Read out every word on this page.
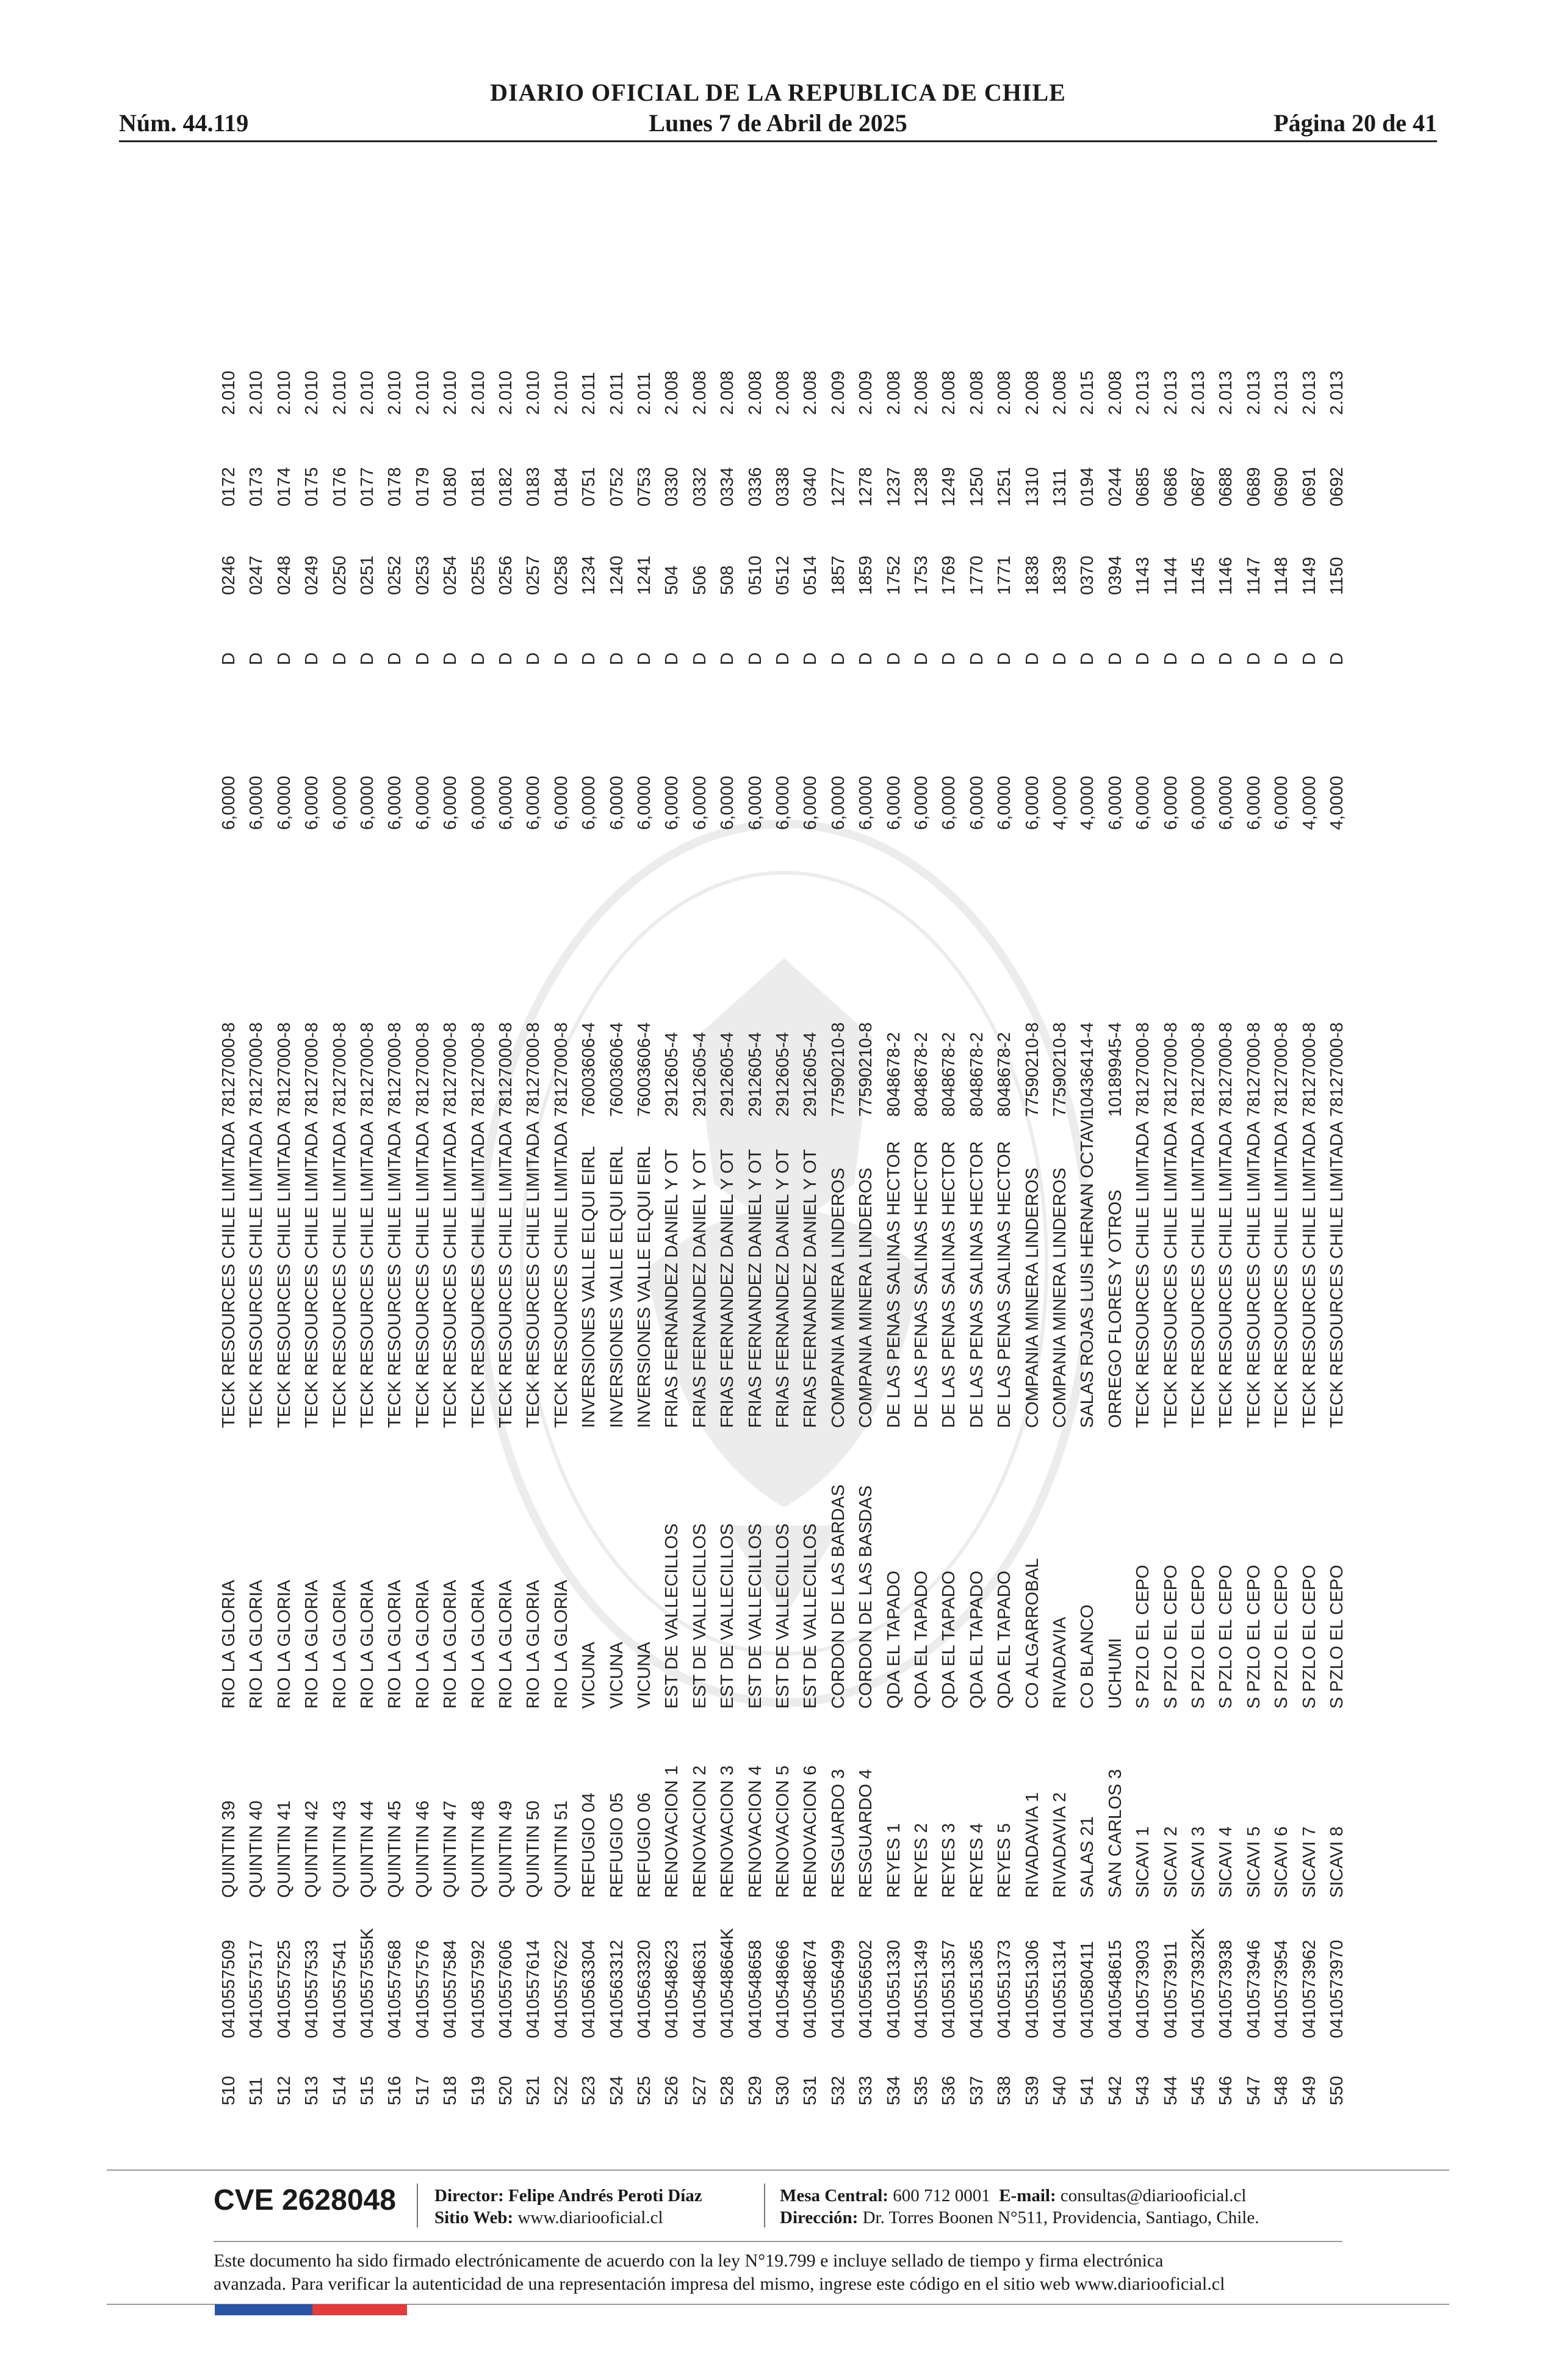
DIARIO OFICIAL DE LA REPUBLICA DE CHILE
Lunes 7 de Abril de 2025
Núm. 44.119	Página 20 de 41
510
0410557509
QUINTIN 39
RIO LA GLORIA
TECK RESOURCES CHILE LIMITADA
78127000-8
6,0000
D
0246
0172
2.010
511
0410557517
QUINTIN 40
RIO LA GLORIA
TECK RESOURCES CHILE LIMITADA
78127000-8
6,0000
D
0247
0173
2.010
512
0410557525
QUINTIN 41
RIO LA GLORIA
TECK RESOURCES CHILE LIMITADA
78127000-8
6,0000
D
0248
0174
2.010
513
0410557533
QUINTIN 42
RIO LA GLORIA
TECK RESOURCES CHILE LIMITADA
78127000-8
6,0000
D
0249
0175
2.010
514
0410557541
QUINTIN 43
RIO LA GLORIA
TECK RESOURCES CHILE LIMITADA
78127000-8
6,0000
D
0250
0176
2.010
515
0410557555K
QUINTIN 44
RIO LA GLORIA
TECK RESOURCES CHILE LIMITADA
78127000-8
6,0000
D
0251
0177
2.010
516
0410557568
QUINTIN 45
RIO LA GLORIA
TECK RESOURCES CHILE LIMITADA
78127000-8
6,0000
D
0252
0178
2.010
517
0410557576
QUINTIN 46
RIO LA GLORIA
TECK RESOURCES CHILE LIMITADA
78127000-8
6,0000
D
0253
0179
2.010
518
0410557584
QUINTIN 47
RIO LA GLORIA
TECK RESOURCES CHILE LIMITADA
78127000-8
6,0000
D
0254
0180
2.010
519
0410557592
QUINTIN 48
RIO LA GLORIA
TECK RESOURCES CHILE LIMITADA
78127000-8
6,0000
D
0255
0181
2.010
520
0410557606
QUINTIN 49
RIO LA GLORIA
TECK RESOURCES CHILE LIMITADA
78127000-8
6,0000
D
0256
0182
2.010
521
0410557614
QUINTIN 50
RIO LA GLORIA
TECK RESOURCES CHILE LIMITADA
78127000-8
6,0000
D
0257
0183
2.010
522
0410557622
QUINTIN 51
RIO LA GLORIA
TECK RESOURCES CHILE LIMITADA
78127000-8
6,0000
D
0258
0184
2.010
523
0410563304
REFUGIO 04
VICUNA
INVERSIONES VALLE ELQUI EIRL
76003606-4
6,0000
D
1234
0751
2.011
524
0410563312
REFUGIO 05
VICUNA
INVERSIONES VALLE ELQUI EIRL
76003606-4
6,0000
D
1240
0752
2.011
525
0410563320
REFUGIO 06
VICUNA
INVERSIONES VALLE ELQUI EIRL
76003606-4
6,0000
D
1241
0753
2.011
526
0410548623
RENOVACION 1
EST DE VALLECILLOS
FRIAS FERNANDEZ DANIEL Y OT
2912605-4
6,0000
D
504
0330
2.008
527
0410548631
RENOVACION 2
EST DE VALLECILLOS
FRIAS FERNANDEZ DANIEL Y OT
2912605-4
6,0000
D
506
0332
2.008
528
0410548664K
RENOVACION 3
EST DE VALLECILLOS
FRIAS FERNANDEZ DANIEL Y OT
2912605-4
6,0000
D
508
0334
2.008
529
0410548658
RENOVACION 4
EST DE VALLECILLOS
FRIAS FERNANDEZ DANIEL Y OT
2912605-4
6,0000
D
0510
0336
2.008
530
0410548666
RENOVACION 5
EST DE VALLECILLOS
FRIAS FERNANDEZ DANIEL Y OT
2912605-4
6,0000
D
0512
0338
2.008
531
0410548674
RENOVACION 6
EST DE VALLECILLOS
FRIAS FERNANDEZ DANIEL Y OT
2912605-4
6,0000
D
0514
0340
2.008
532
0410556499
RESGUARDO 3
CORDON DE LAS BARDAS
COMPANIA MINERA LINDEROS
77590210-8
6,0000
D
1857
1277
2.009
533
0410556502
RESGUARDO 4
CORDON DE LAS BASDAS
COMPANIA MINERA LINDEROS
77590210-8
6,0000
D
1859
1278
2.009
534
0410551330
REYES 1
QDA EL TAPADO
DE LAS PENAS SALINAS HECTOR
8048678-2
6,0000
D
1752
1237
2.008
535
0410551349
REYES 2
QDA EL TAPADO
DE LAS PENAS SALINAS HECTOR
8048678-2
6,0000
D
1753
1238
2.008
536
0410551357
REYES 3
QDA EL TAPADO
DE LAS PENAS SALINAS HECTOR
8048678-2
6,0000
D
1769
1249
2.008
537
0410551365
REYES 4
QDA EL TAPADO
DE LAS PENAS SALINAS HECTOR
8048678-2
6,0000
D
1770
1250
2.008
538
0410551373
REYES 5
QDA EL TAPADO
DE LAS PENAS SALINAS HECTOR
8048678-2
6,0000
D
1771
1251
2.008
539
0410551306
RIVADAVIA 1
CO ALGARROBAL
COMPANIA MINERA LINDEROS
77590210-8
6,0000
D
1838
1310
2.008
540
0410551314
RIVADAVIA 2
RIVADAVIA
COMPANIA MINERA LINDEROS
77590210-8
4,0000
D
1839
1311
2.008
541
0410580411
SALAS 21
CO BLANCO
SALAS ROJAS LUIS HERNAN OCTAVI
10436414-4
4,0000
D
0370
0194
2.015
542
0410548615
SAN CARLOS 3
UCHUMI
ORREGO FLORES Y OTROS
10189945-4
6,0000
D
0394
0244
2.008
543
0410573903
SICAVI 1
S PZLO EL CEPO
TECK RESOURCES CHILE LIMITADA
78127000-8
6,0000
D
1143
0685
2.013
544
0410573911
SICAVI 2
S PZLO EL CEPO
TECK RESOURCES CHILE LIMITADA
78127000-8
6,0000
D
1144
0686
2.013
545
0410573932K
SICAVI 3
S PZLO EL CEPO
TECK RESOURCES CHILE LIMITADA
78127000-8
6,0000
D
1145
0687
2.013
546
0410573938
SICAVI 4
S PZLO EL CEPO
TECK RESOURCES CHILE LIMITADA
78127000-8
6,0000
D
1146
0688
2.013
547
0410573946
SICAVI 5
S PZLO EL CEPO
TECK RESOURCES CHILE LIMITADA
78127000-8
6,0000
D
1147
0689
2.013
548
0410573954
SICAVI 6
S PZLO EL CEPO
TECK RESOURCES CHILE LIMITADA
78127000-8
6,0000
D
1148
0690
2.013
549
0410573962
SICAVI 7
S PZLO EL CEPO
TECK RESOURCES CHILE LIMITADA
78127000-8
4,0000
D
1149
0691
2.013
550
0410573970
SICAVI 8
S PZLO EL CEPO
TECK RESOURCES CHILE LIMITADA
78127000-8
4,0000
D
1150
0692
2.013
CVE 2628048 Director: Felipe Andrés Peroti Díaz
Sitio Web: www.diariooficial.cl
Mesa Central: 600 712 0001 E-mail: consultas@diariooficial.cl
Dirección: Dr. Torres Boonen N°511, Providencia, Santiago, Chile.
Este documento ha sido firmado electrónicamente de acuerdo con la ley N°19.799 e incluye sellado de tiempo y firma electrónica
avanzada. Para verificar la autenticidad de una representación impresa del mismo, ingrese este código en el sitio web www.diariooficial.cl
